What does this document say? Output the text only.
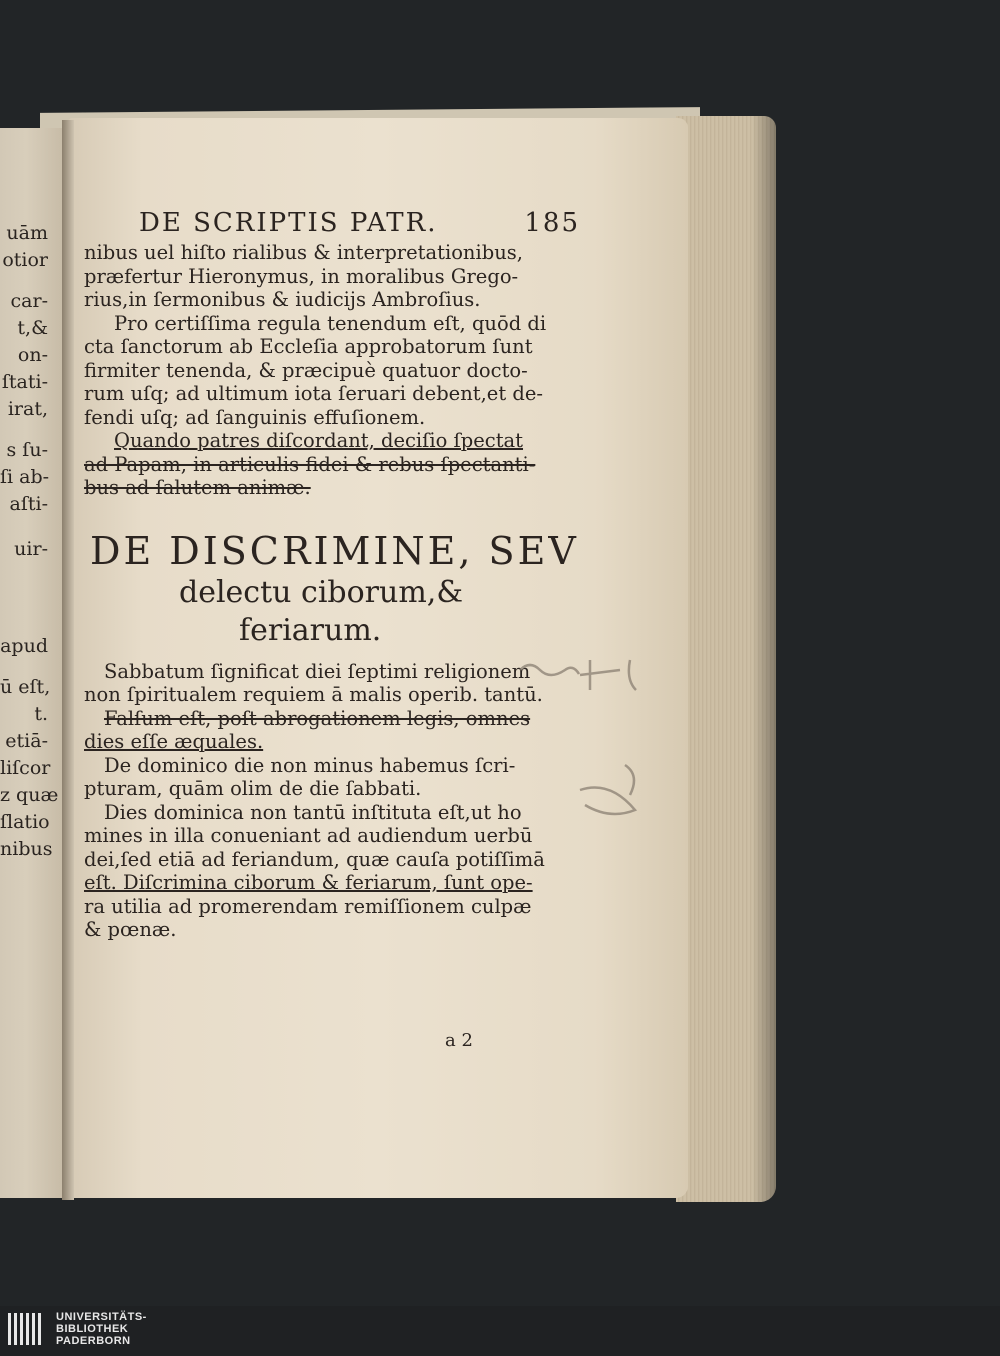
uām
otior
car-
t,&
on-
ſtati-
irat,
s ſu-
ſi ab-
aſti-
uir-
apud
ū eſt,
t.
etiā-
liſcor
z quæ
ſlatio
nibus
DE SCRIPTIS PATR.	185
nibus uel hiſto rialibus & interpretationibus,
præfertur Hieronymus, in moralibus Grego-
rius,in ſermonibus & iudicijs Ambroſius.
Pro certiſſima regula tenendum eſt, quōd di
cta ſanctorum ab Eccleſia approbatorum ſunt
firmiter tenenda, & præcipuè quatuor docto-
rum uſq; ad ultimum iota ſeruari debent,et de-
fendi uſq; ad ſanguinis effuſionem.
Quando patres diſcordant, deciſio ſpectat
ad Papam, in articulis fidei & rebus ſpectanti-
bus ad ſalutem animæ.
DE DISCRIMINE, SEV
delectu ciborum,&
feriarum.
Sabbatum ſignificat diei ſeptimi religionem
non ſpiritualem requiem ā malis operib. tantū.
Falſum eſt, poſt abrogationem legis, omnes
dies eſſe æquales.
De dominico die non minus habemus ſcri-
pturam, quām olim de die ſabbati.
Dies dominica non tantū inſtituta eſt,ut ho
mines in illa conueniant ad audiendum uerbū
dei,ſed etiā ad feriandum, quæ cauſa potiſſimā
eſt. Diſcrimina ciborum & feriarum, ſunt ope-
ra utilia ad promerendam remiſſionem culpæ
& pœnæ.
a 2
UNIVERSITÄTS-
BIBLIOTHEK
PADERBORN
